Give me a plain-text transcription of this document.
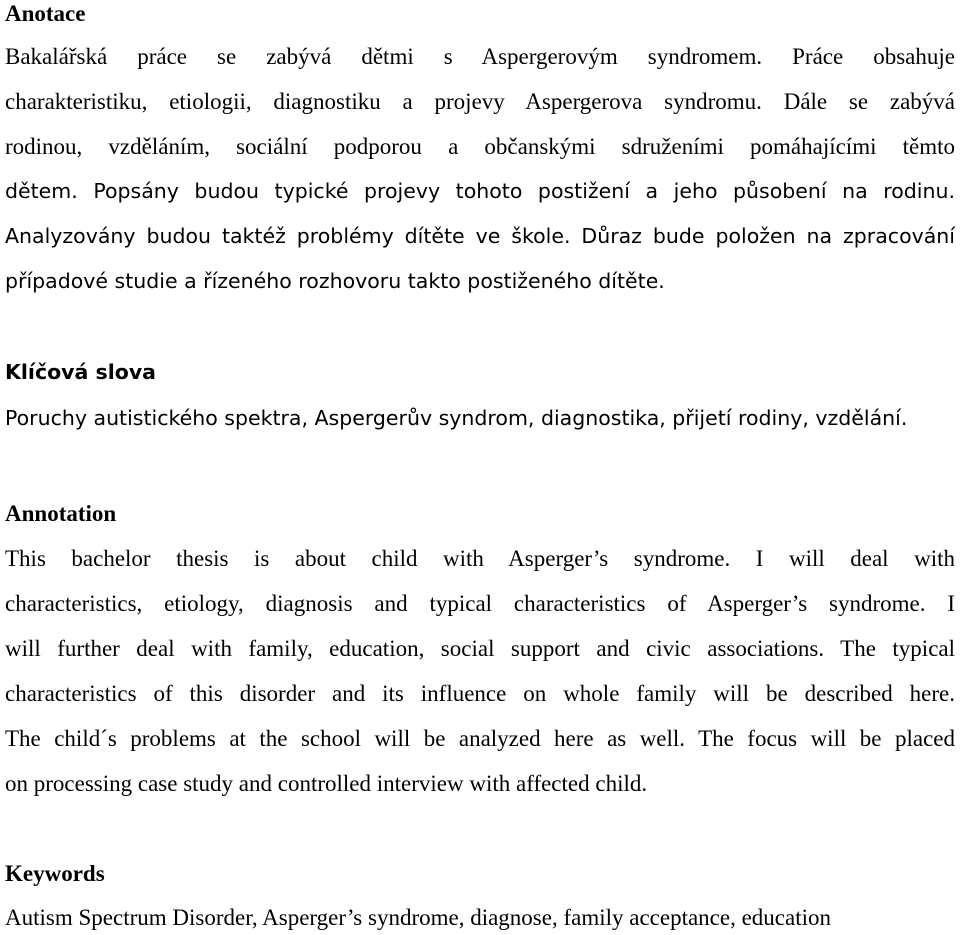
Anotace
Bakalářská práce se zabývá dětmi s Aspergerovým syndromem. Práce obsahuje
charakteristiku, etiologii, diagnostiku a projevy Aspergerova syndromu. Dále se zabývá
rodinou, vzděláním, sociální podporou a občanskými sdruženími pomáhajícími těmto
dětem. Popsány budou typické projevy tohoto postižení a jeho působení na rodinu.
Analyzovány budou taktéž problémy dítěte ve škole. Důraz bude položen na zpracování
případové studie a řízeného rozhovoru takto postiženého dítěte.
Klíčová slova

Poruchy autistického spektra, Aspergerův syndrom, diagnostika, přijetí rodiny, vzdělání.

Annotation
This bachelor thesis is about child with Asperger’s syndrome. I will deal with
characteristics, etiology, diagnosis and typical characteristics of Asperger’s syndrome. I
will further deal with family, education, social support and civic associations. The typical
characteristics of this disorder and its influence on whole family will be described here.
The child´s problems at the school will be analyzed here as well. The focus will be placed
on processing case study and controlled interview with affected child.
Keywords

Autism Spectrum Disorder, Asperger’s syndrome, diagnose, family acceptance, education
